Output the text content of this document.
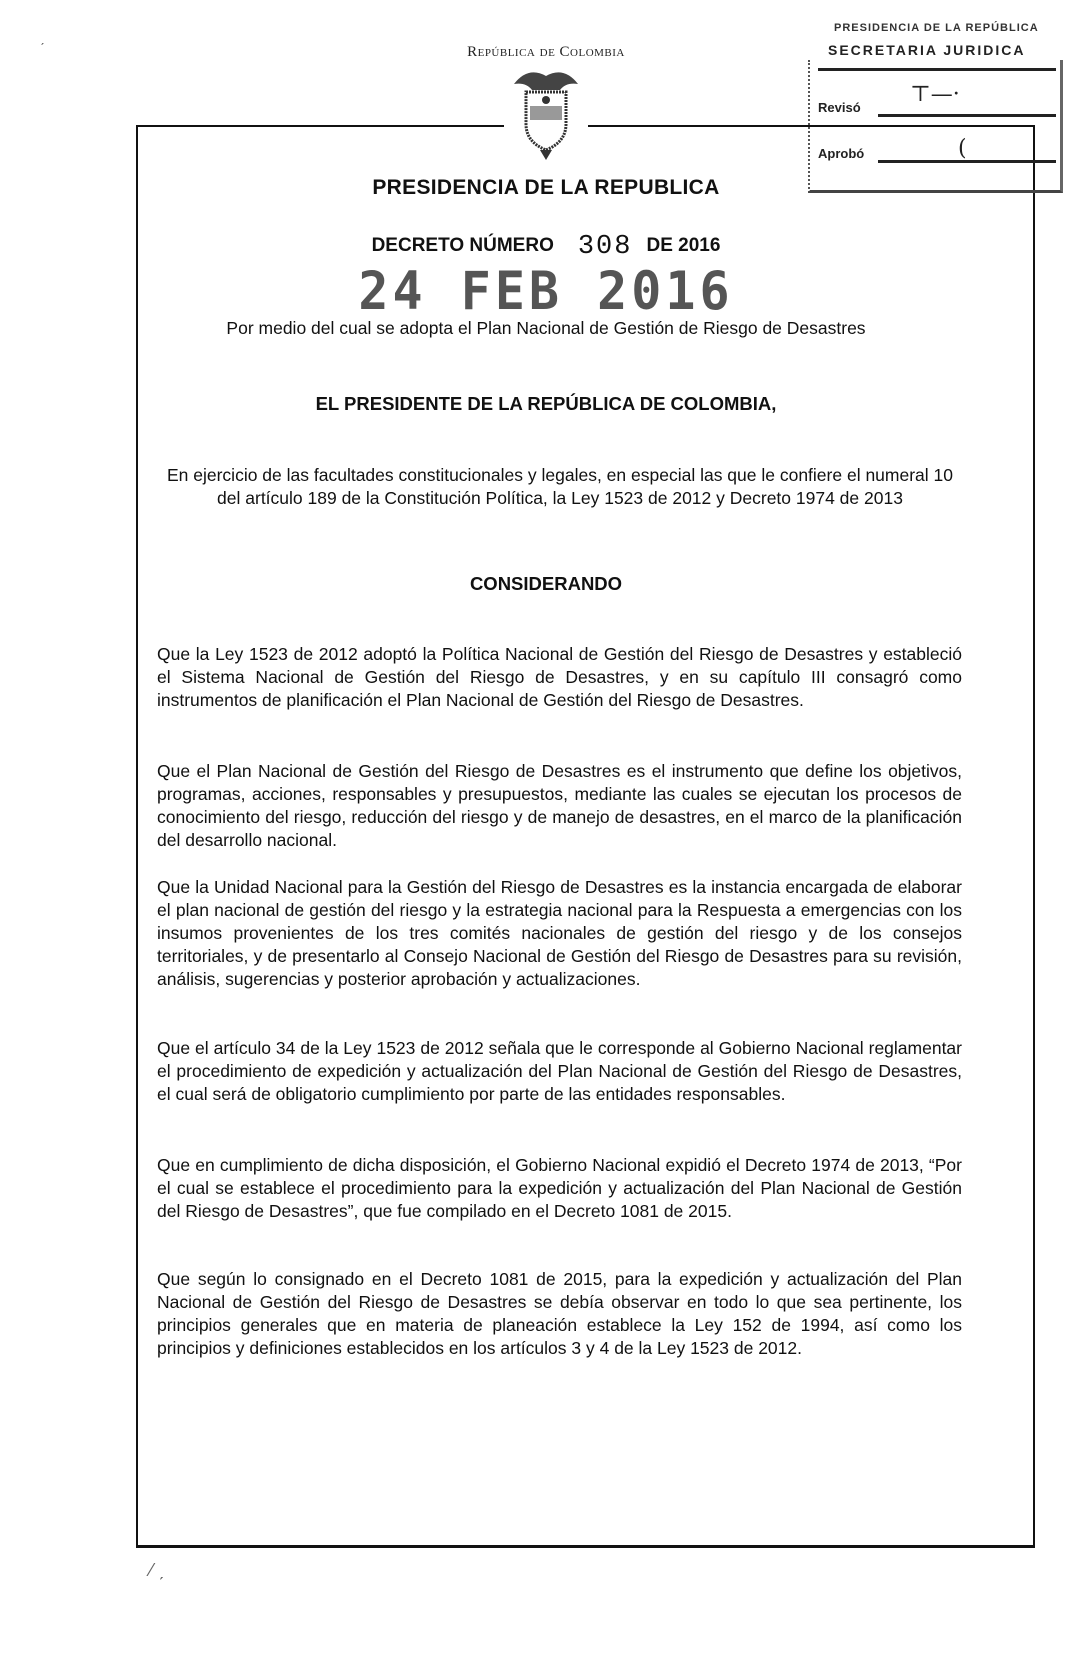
República de Colombia
PRESIDENCIA DE LA REPÚBLICA
SECRETARIA JURIDICA
Revisó
⊤—·
Aprobó	(
PRESIDENCIA DE LA REPUBLICA
DECRETO NÚMERO 308 DE 2016
24 FEB 2016
Por medio del cual se adopta el Plan Nacional de Gestión de Riesgo de Desastres
EL PRESIDENTE DE LA REPÚBLICA DE COLOMBIA,
En ejercicio de las facultades constitucionales y legales, en especial las que le confiere el numeral 10 del artículo 189 de la Constitución Política, la Ley 1523 de 2012 y Decreto 1974 de 2013
CONSIDERANDO

Que la Ley 1523 de 2012 adoptó la Política Nacional de Gestión del Riesgo de Desastres y estableció el Sistema Nacional de Gestión del Riesgo de Desastres, y en su capítulo III consagró como instrumentos de planificación el Plan Nacional de Gestión del Riesgo de Desastres.

Que el Plan Nacional de Gestión del Riesgo de Desastres es el instrumento que define los objetivos, programas, acciones, responsables y presupuestos, mediante las cuales se ejecutan los procesos de conocimiento del riesgo, reducción del riesgo y de manejo de desastres, en el marco de la planificación del desarrollo nacional.

Que la Unidad Nacional para la Gestión del Riesgo de Desastres es la instancia encargada de elaborar el plan nacional de gestión del riesgo y la estrategia nacional para la Respuesta a emergencias con los insumos provenientes de los tres comités nacionales de gestión del riesgo y de los consejos territoriales, y de presentarlo al Consejo Nacional de Gestión del Riesgo de Desastres para su revisión, análisis, sugerencias y posterior aprobación y actualizaciones.

Que el artículo 34 de la Ley 1523 de 2012 señala que le corresponde al Gobierno Nacional reglamentar el procedimiento de expedición y actualización del Plan Nacional de Gestión del Riesgo de Desastres, el cual será de obligatorio cumplimiento por parte de las entidades responsables.

Que en cumplimiento de dicha disposición, el Gobierno Nacional expidió el Decreto 1974 de 2013, “Por el cual se establece el procedimiento para la expedición y actualización del Plan Nacional de Gestión del Riesgo de Desastres”, que fue compilado en el Decreto 1081 de 2015.

Que según lo consignado en el Decreto 1081 de 2015, para la expedición y actualización del Plan Nacional de Gestión del Riesgo de Desastres se debía observar en todo lo que sea pertinente, los principios generales que en materia de planeación establece la Ley 152 de 1994, así como los principios y definiciones establecidos en los artículos 3 y 4 de la Ley 1523 de 2012.

⁄ ˏ
ˊ
